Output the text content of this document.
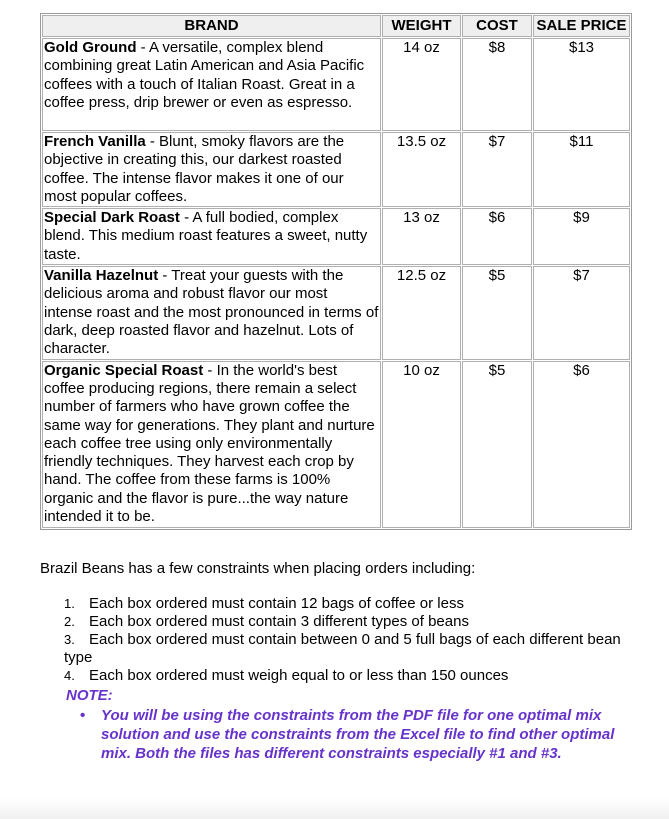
BRAND	WEIGHT	COST	SALE PRICE
Gold Ground - A versatile, complex blend combining great Latin American and Asia Pacific coffees with a touch of Italian Roast. Great in a coffee press, drip brewer or even as espresso.	14 oz	$8	$13
French Vanilla - Blunt, smoky flavors are the objective in creating this, our darkest roasted coffee. The intense flavor makes it one of our most popular coffees.	13.5 oz	$7	$11
Special Dark Roast - A full bodied, complex blend. This medium roast features a sweet, nutty taste.	13 oz	$6	$9
Vanilla Hazelnut - Treat your guests with the delicious aroma and robust flavor our most intense roast and the most pronounced in terms of dark, deep roasted flavor and hazelnut. Lots of character.	12.5 oz	$5	$7
Organic Special Roast - In the world's best coffee producing regions, there remain a select number of farmers who have grown coffee the same way for generations. They plant and nurture each coffee tree using only environmentally friendly techniques. They harvest each crop by hand. The coffee from these farms is 100% organic and the flavor is pure...the way nature intended it to be.	10 oz	$5	$6

Brazil Beans has a few constraints when placing orders including:

1. Each box ordered must contain 12 bags of coffee or less
2. Each box ordered must contain 3 different types of beans
3. Each box ordered must contain between 0 and 5 full bags of each different bean type
4. Each box ordered must weigh equal to or less than 150 ounces
NOTE:
• You will be using the constraints from the PDF file for one optimal mix solution and use the constraints from the Excel file to find other optimal mix. Both the files has different constraints especially #1 and #3.
